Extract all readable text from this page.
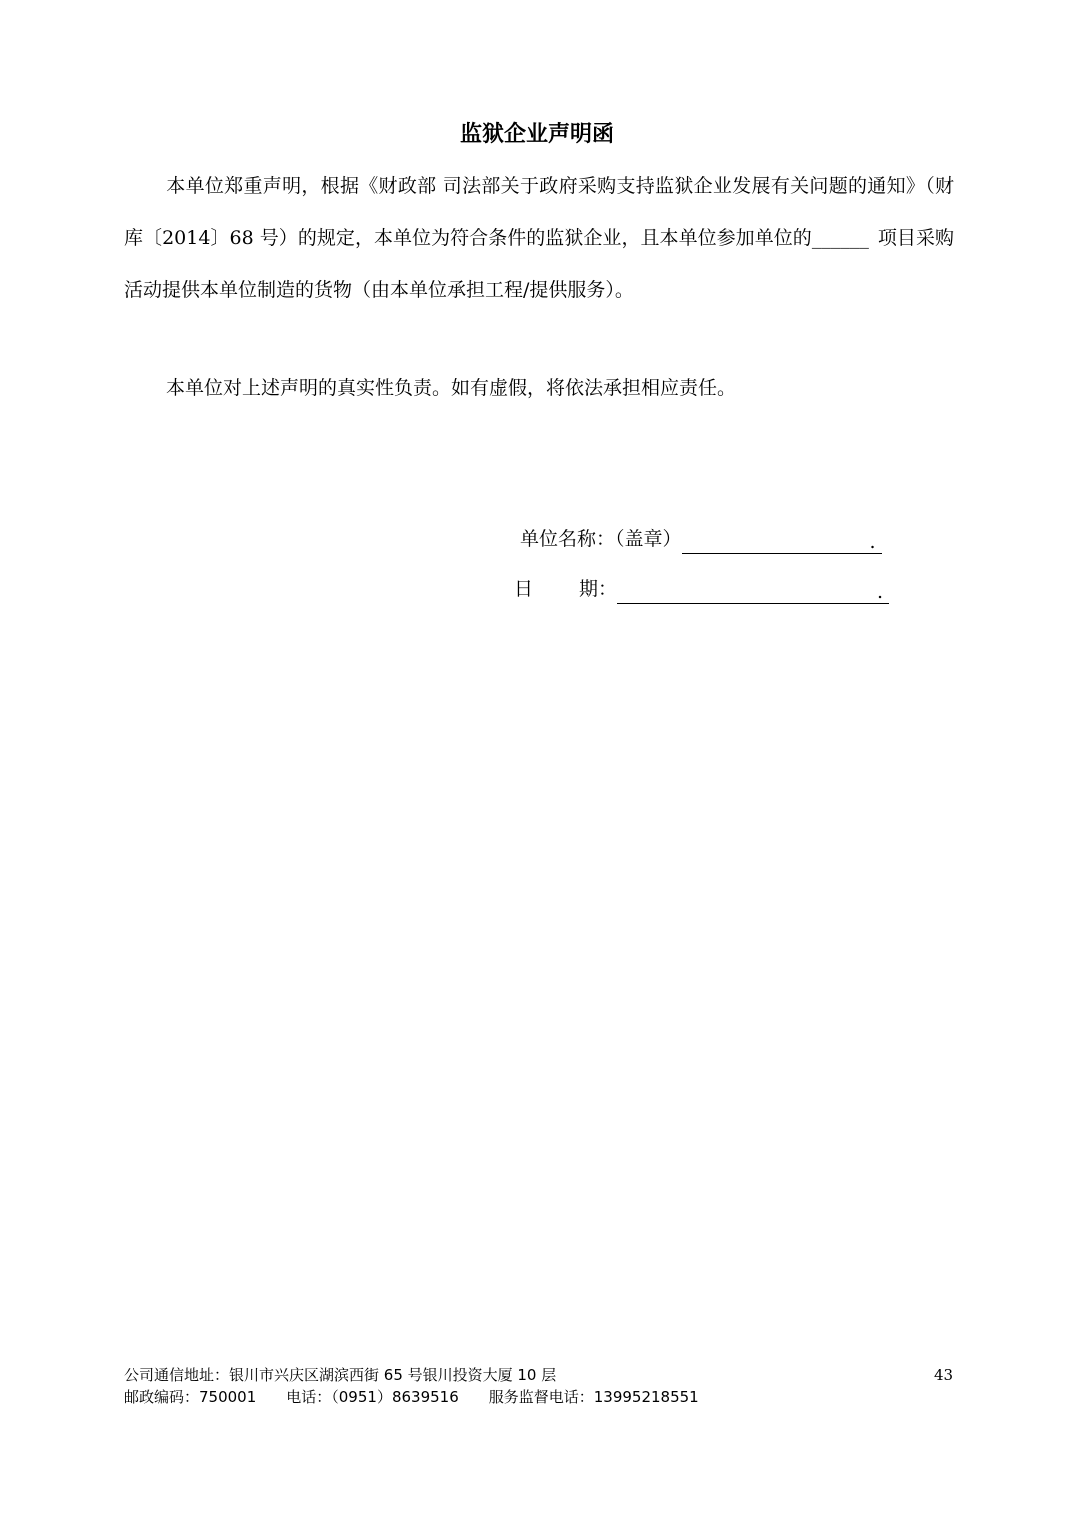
监狱企业声明函

本单位郑重声明，根据《财政部 司法部关于政府采购支持监狱企业发展有关问题的通知》（财库〔2014〕68 号）的规定，本单位为符合条件的监狱企业，且本单位参加单位的______ 项目采购活动提供本单位制造的货物（由本单位承担工程/提供服务）。

本单位对上述声明的真实性负责。如有虚假，将依法承担相应责任。

单位名称：（盖章）	.
日 期：	.
公司通信地址：银川市兴庆区湖滨西街 65 号银川投资大厦 10 层
邮政编码：750001 电话：（0951）8639516 服务监督电话：13995218551
43
